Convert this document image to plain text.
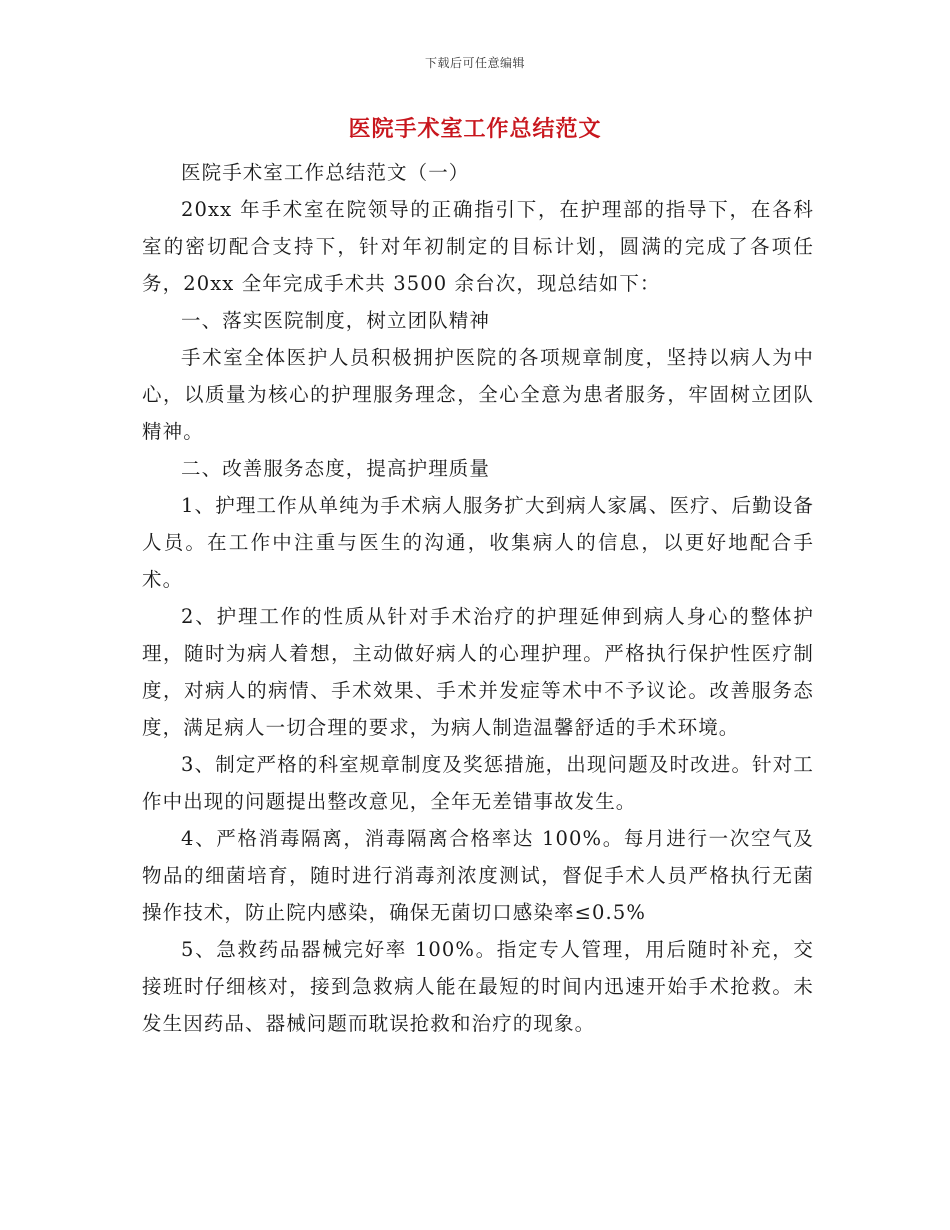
下载后可任意编辑
医院手术室工作总结范文

医院手术室工作总结范文（一）

20xx 年手术室在院领导的正确指引下，在护理部的指导下，在各科室的密切配合支持下，针对年初制定的目标计划，圆满的完成了各项任务，20xx 全年完成手术共 3500 余台次，现总结如下：

一、落实医院制度，树立团队精神

手术室全体医护人员积极拥护医院的各项规章制度，坚持以病人为中心，以质量为核心的护理服务理念，全心全意为患者服务，牢固树立团队精神。

二、改善服务态度，提高护理质量

1、护理工作从单纯为手术病人服务扩大到病人家属、医疗、后勤设备人员。在工作中注重与医生的沟通，收集病人的信息，以更好地配合手术。

2、护理工作的性质从针对手术治疗的护理延伸到病人身心的整体护理，随时为病人着想，主动做好病人的心理护理。严格执行保护性医疗制度，对病人的病情、手术效果、手术并发症等术中不予议论。改善服务态度，满足病人一切合理的要求，为病人制造温馨舒适的手术环境。

3、制定严格的科室规章制度及奖惩措施，出现问题及时改进。针对工作中出现的问题提出整改意见，全年无差错事故发生。

4、严格消毒隔离，消毒隔离合格率达 100%。每月进行一次空气及物品的细菌培育，随时进行消毒剂浓度测试，督促手术人员严格执行无菌操作技术，防止院内感染，确保无菌切口感染率≤0.5%

5、急救药品器械完好率 100%。指定专人管理，用后随时补充，交接班时仔细核对，接到急救病人能在最短的时间内迅速开始手术抢救。未发生因药品、器械问题而耽误抢救和治疗的现象。
